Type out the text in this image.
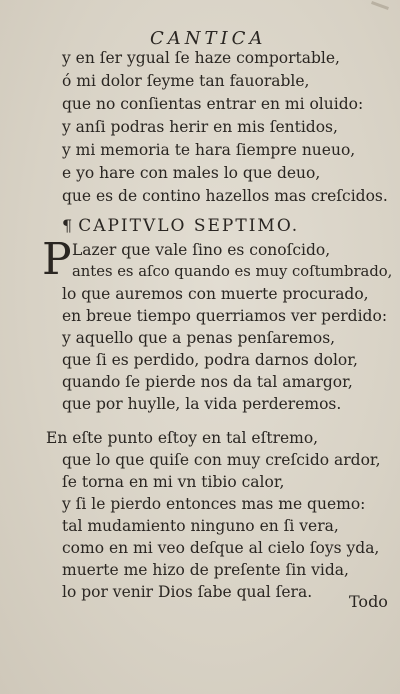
CANTICA
y en ſer ygual ſe haze comportable,
ó mi dolor ſeyme tan fauorable,
que no conſientas entrar en mi oluido:
y anſi podras herir en mis ſentidos,
y mi memoria te hara ſiempre nueuo,
e yo hare con males lo que deuo,
que es de contino hazellos mas creſcidos.
¶ CAPITVLO SEPTIMO.
P Lazer que vale ſino es conoſcido,
antes es aſco quando es muy coſtumbrado,
lo que auremos con muerte procurado,
en breue tiempo querriamos ver perdido:
y aquello que a penas penſaremos,
que ſi es perdido, podra darnos dolor,
quando ſe pierde nos da tal amargor,
que por huylle, la vida perderemos.
En eſte punto eſtoy en tal eſtremo,
que lo que quiſe con muy creſcido ardor,
ſe torna en mi vn tibio calor,
y ſi le pierdo entonces mas me quemo:
tal mudamiento ninguno en ſi vera,
como en mi veo deſque al cielo ſoys yda,
muerte me hizo de preſente ſin vida,
lo por venir Dios ſabe qual ſera. Todo
